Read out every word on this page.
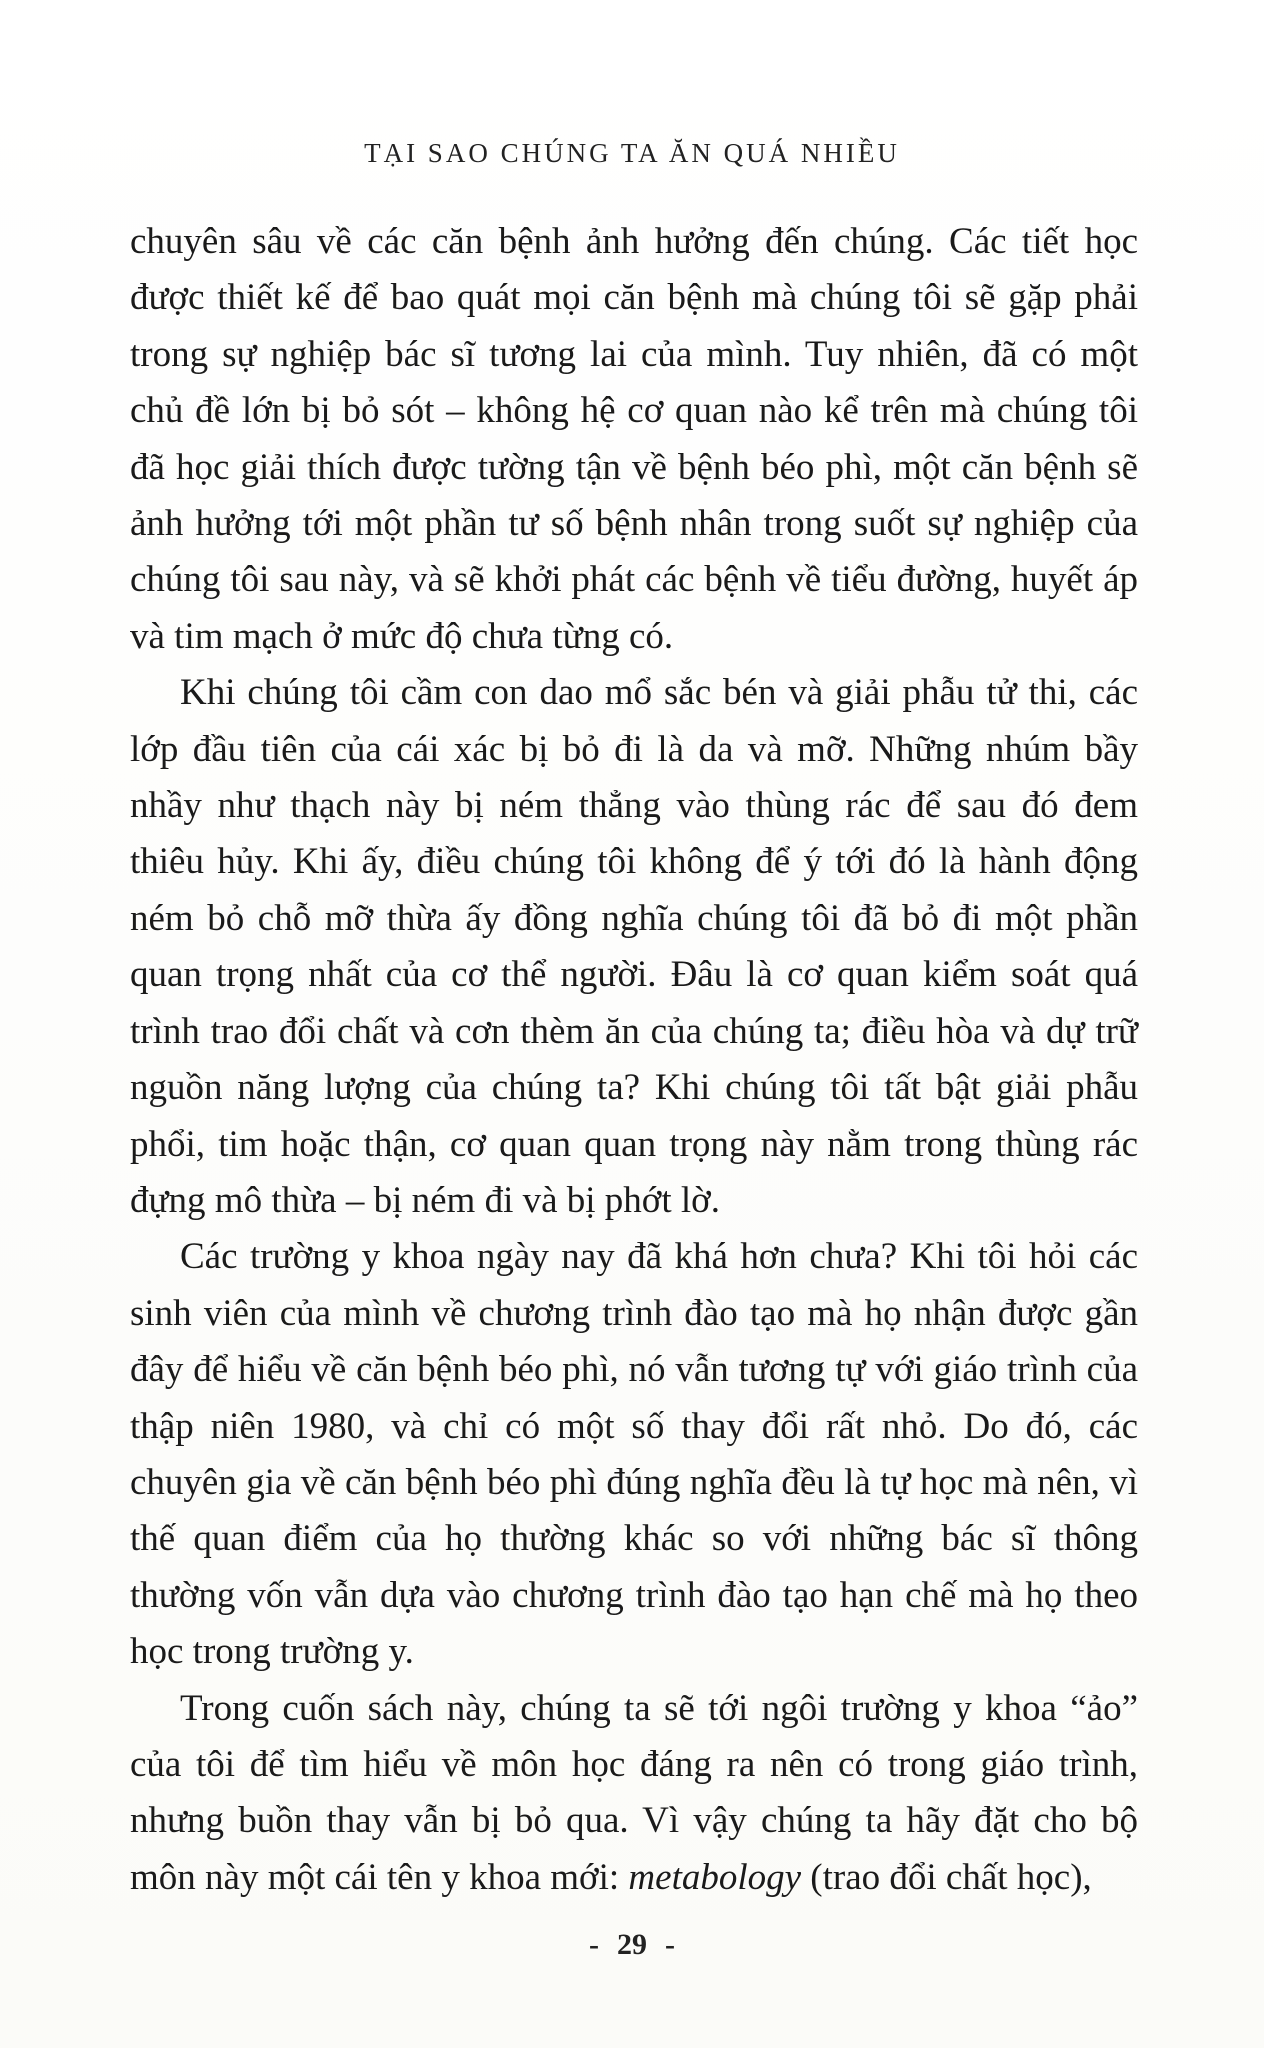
TẠI SAO CHÚNG TA ĂN QUÁ NHIỀU

chuyên sâu về các căn bệnh ảnh hưởng đến chúng. Các tiết học được thiết kế để bao quát mọi căn bệnh mà chúng tôi sẽ gặp phải trong sự nghiệp bác sĩ tương lai của mình. Tuy nhiên, đã có một chủ đề lớn bị bỏ sót – không hệ cơ quan nào kể trên mà chúng tôi đã học giải thích được tường tận về bệnh béo phì, một căn bệnh sẽ ảnh hưởng tới một phần tư số bệnh nhân trong suốt sự nghiệp của chúng tôi sau này, và sẽ khởi phát các bệnh về tiểu đường, huyết áp và tim mạch ở mức độ chưa từng có.

Khi chúng tôi cầm con dao mổ sắc bén và giải phẫu tử thi, các lớp đầu tiên của cái xác bị bỏ đi là da và mỡ. Những nhúm bầy nhầy như thạch này bị ném thẳng vào thùng rác để sau đó đem thiêu hủy. Khi ấy, điều chúng tôi không để ý tới đó là hành động ném bỏ chỗ mỡ thừa ấy đồng nghĩa chúng tôi đã bỏ đi một phần quan trọng nhất của cơ thể người. Đâu là cơ quan kiểm soát quá trình trao đổi chất và cơn thèm ăn của chúng ta; điều hòa và dự trữ nguồn năng lượng của chúng ta? Khi chúng tôi tất bật giải phẫu phổi, tim hoặc thận, cơ quan quan trọng này nằm trong thùng rác đựng mô thừa – bị ném đi và bị phớt lờ.

Các trường y khoa ngày nay đã khá hơn chưa? Khi tôi hỏi các sinh viên của mình về chương trình đào tạo mà họ nhận được gần đây để hiểu về căn bệnh béo phì, nó vẫn tương tự với giáo trình của thập niên 1980, và chỉ có một số thay đổi rất nhỏ. Do đó, các chuyên gia về căn bệnh béo phì đúng nghĩa đều là tự học mà nên, vì thế quan điểm của họ thường khác so với những bác sĩ thông thường vốn vẫn dựa vào chương trình đào tạo hạn chế mà họ theo học trong trường y.

Trong cuốn sách này, chúng ta sẽ tới ngôi trường y khoa “ảo” của tôi để tìm hiểu về môn học đáng ra nên có trong giáo trình, nhưng buồn thay vẫn bị bỏ qua. Vì vậy chúng ta hãy đặt cho bộ môn này một cái tên y khoa mới: metabology (trao đổi chất học),

- 29 -
